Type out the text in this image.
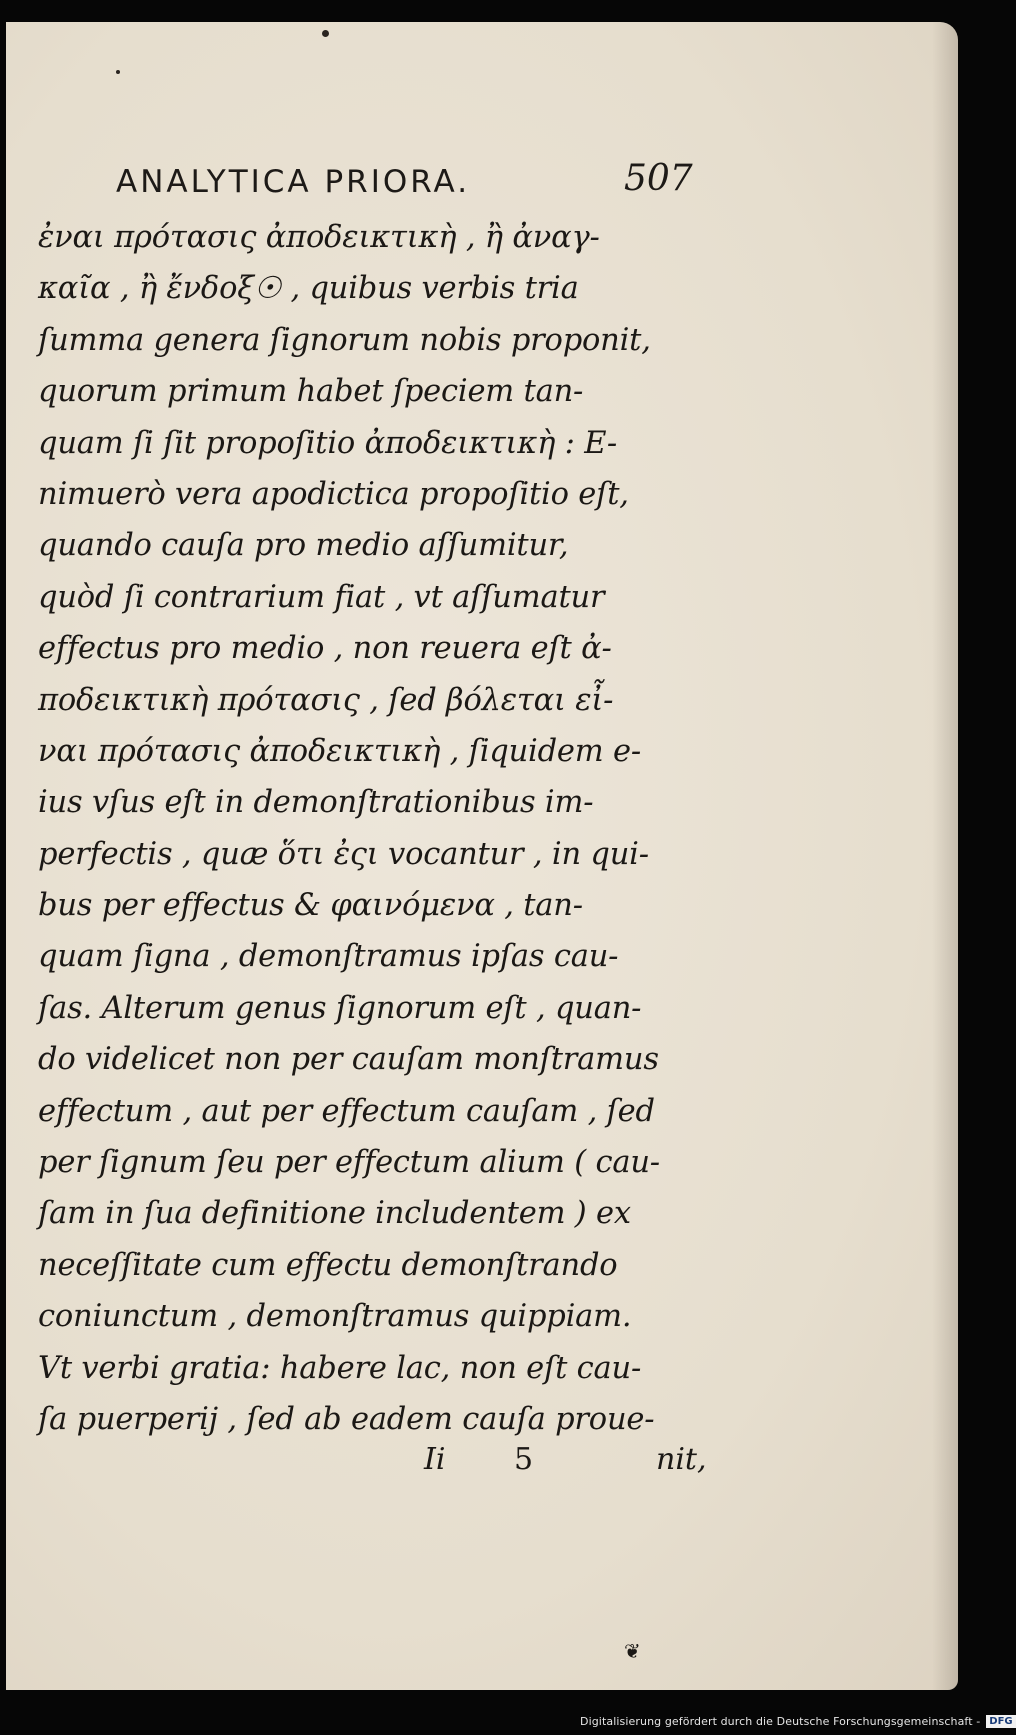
ANALYTICA PRIORA.	507
ἐναι πρότασις ἀποδεικτικὴ , ἢ ἀναγ-
καῖα , ἢ ἔνδοξ☉ , quibus verbis tria
ſumma genera ſignorum nobis proponit,
quorum primum habet ſpeciem tan-
quam ſi ſit propoſitio ἀποδεικτικὴ : E-
nimuerò vera apodictica propoſitio eſt,
quando cauſa pro medio aſſumitur,
quòd ſi contrarium fiat , vt aſſumatur
effectus pro medio , non reuera eſt ἀ-
ποδεικτικὴ πρότασις , ſed βόλεται εἶ-
ναι πρότασις ἀποδεικτικὴ , ſiquidem e-
ius vſus eſt in demonſtrationibus im-
perfectis , quæ ὅτι ἐςι vocantur , in qui-
bus per effectus & φαινόμενα , tan-
quam ſigna , demonſtramus ipſas cau-
ſas. Alterum genus ſignorum eſt , quan-
do videlicet non per cauſam monſtramus
effectum , aut per effectum cauſam , ſed
per ſignum ſeu per effectum alium ( cau-
ſam in ſua definitione includentem ) ex
neceſſitate cum effectu demonſtrando
coniunctum , demonſtramus quippiam.
Vt verbi gratia: habere lac, non eſt cau-
ſa puerperij , ſed ab eadem cauſa proue-
Ii 5	nit,
❦
Digitalisierung gefördert durch die Deutsche Forschungsgemeinschaft - DFG
